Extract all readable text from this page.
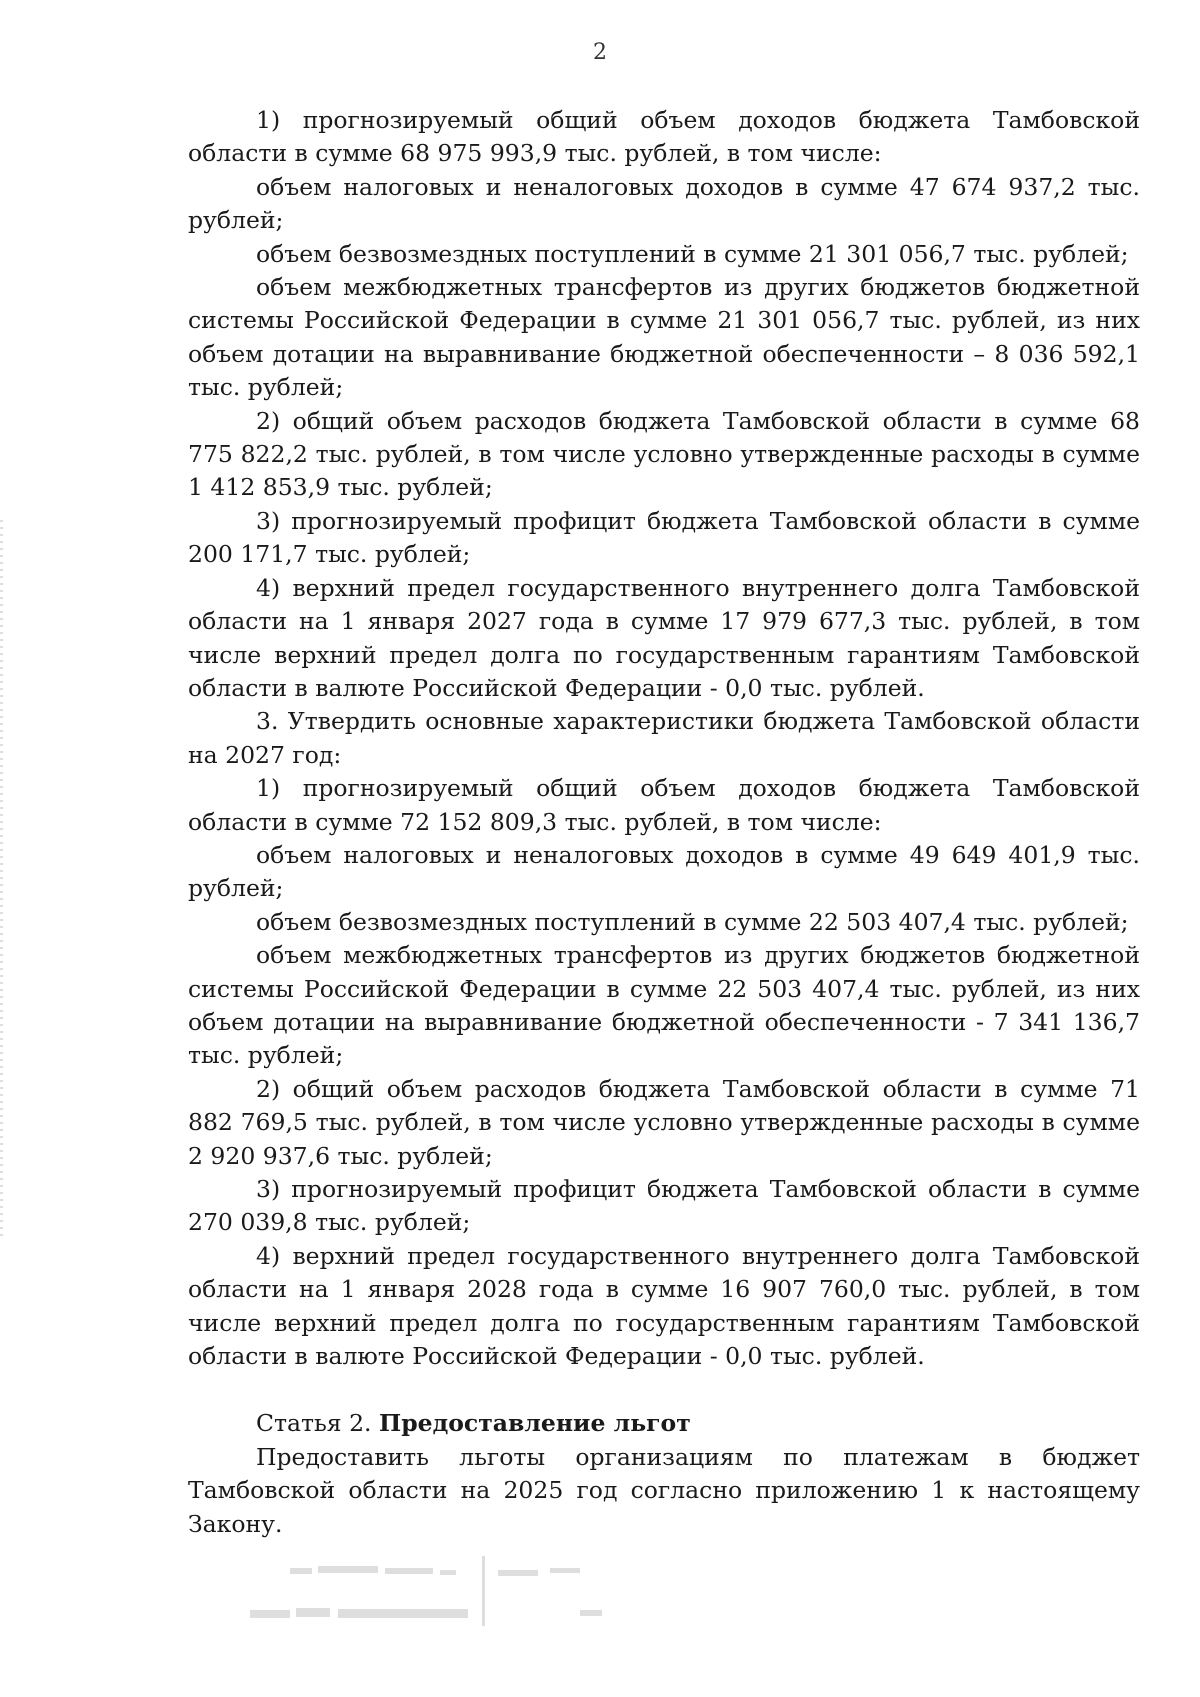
2

1) прогнозируемый общий объем доходов бюджета Тамбовской области в сумме 68 975 993,9 тыс. рублей, в том числе:

объем налоговых и неналоговых доходов в сумме 47 674 937,2 тыс. рублей;

объем безвозмездных поступлений в сумме 21 301 056,7 тыс. рублей;

объем межбюджетных трансфертов из других бюджетов бюджетной системы Российской Федерации в сумме 21 301 056,7 тыс. рублей, из них объем дотации на выравнивание бюджетной обеспеченности – 8 036 592,1 тыс. рублей;

2) общий объем расходов бюджета Тамбовской области в сумме 68 775 822,2 тыс. рублей, в том числе условно утвержденные расходы в сумме 1 412 853,9 тыс. рублей;

3) прогнозируемый профицит бюджета Тамбовской области в сумме 200 171,7 тыс. рублей;

4) верхний предел государственного внутреннего долга Тамбовской области на 1 января 2027 года в сумме 17 979 677,3 тыс. рублей, в том числе верхний предел долга по государственным гарантиям Тамбовской области в валюте Российской Федерации - 0,0 тыс. рублей.

3. Утвердить основные характеристики бюджета Тамбовской области на 2027 год:

1) прогнозируемый общий объем доходов бюджета Тамбовской области в сумме 72 152 809,3 тыс. рублей, в том числе:

объем налоговых и неналоговых доходов в сумме 49 649 401,9 тыс. рублей;

объем безвозмездных поступлений в сумме 22 503 407,4 тыс. рублей;

объем межбюджетных трансфертов из других бюджетов бюджетной системы Российской Федерации в сумме 22 503 407,4 тыс. рублей, из них объем дотации на выравнивание бюджетной обеспеченности - 7 341 136,7 тыс. рублей;

2) общий объем расходов бюджета Тамбовской области в сумме 71 882 769,5 тыс. рублей, в том числе условно утвержденные расходы в сумме 2 920 937,6 тыс. рублей;

3) прогнозируемый профицит бюджета Тамбовской области в сумме 270 039,8 тыс. рублей;

4) верхний предел государственного внутреннего долга Тамбовской области на 1 января 2028 года в сумме 16 907 760,0 тыс. рублей, в том числе верхний предел долга по государственным гарантиям Тамбовской области в валюте Российской Федерации - 0,0 тыс. рублей.

Статья 2. Предоставление льгот

Предоставить льготы организациям по платежам в бюджет Тамбовской области на 2025 год согласно приложению 1 к настоящему Закону.
